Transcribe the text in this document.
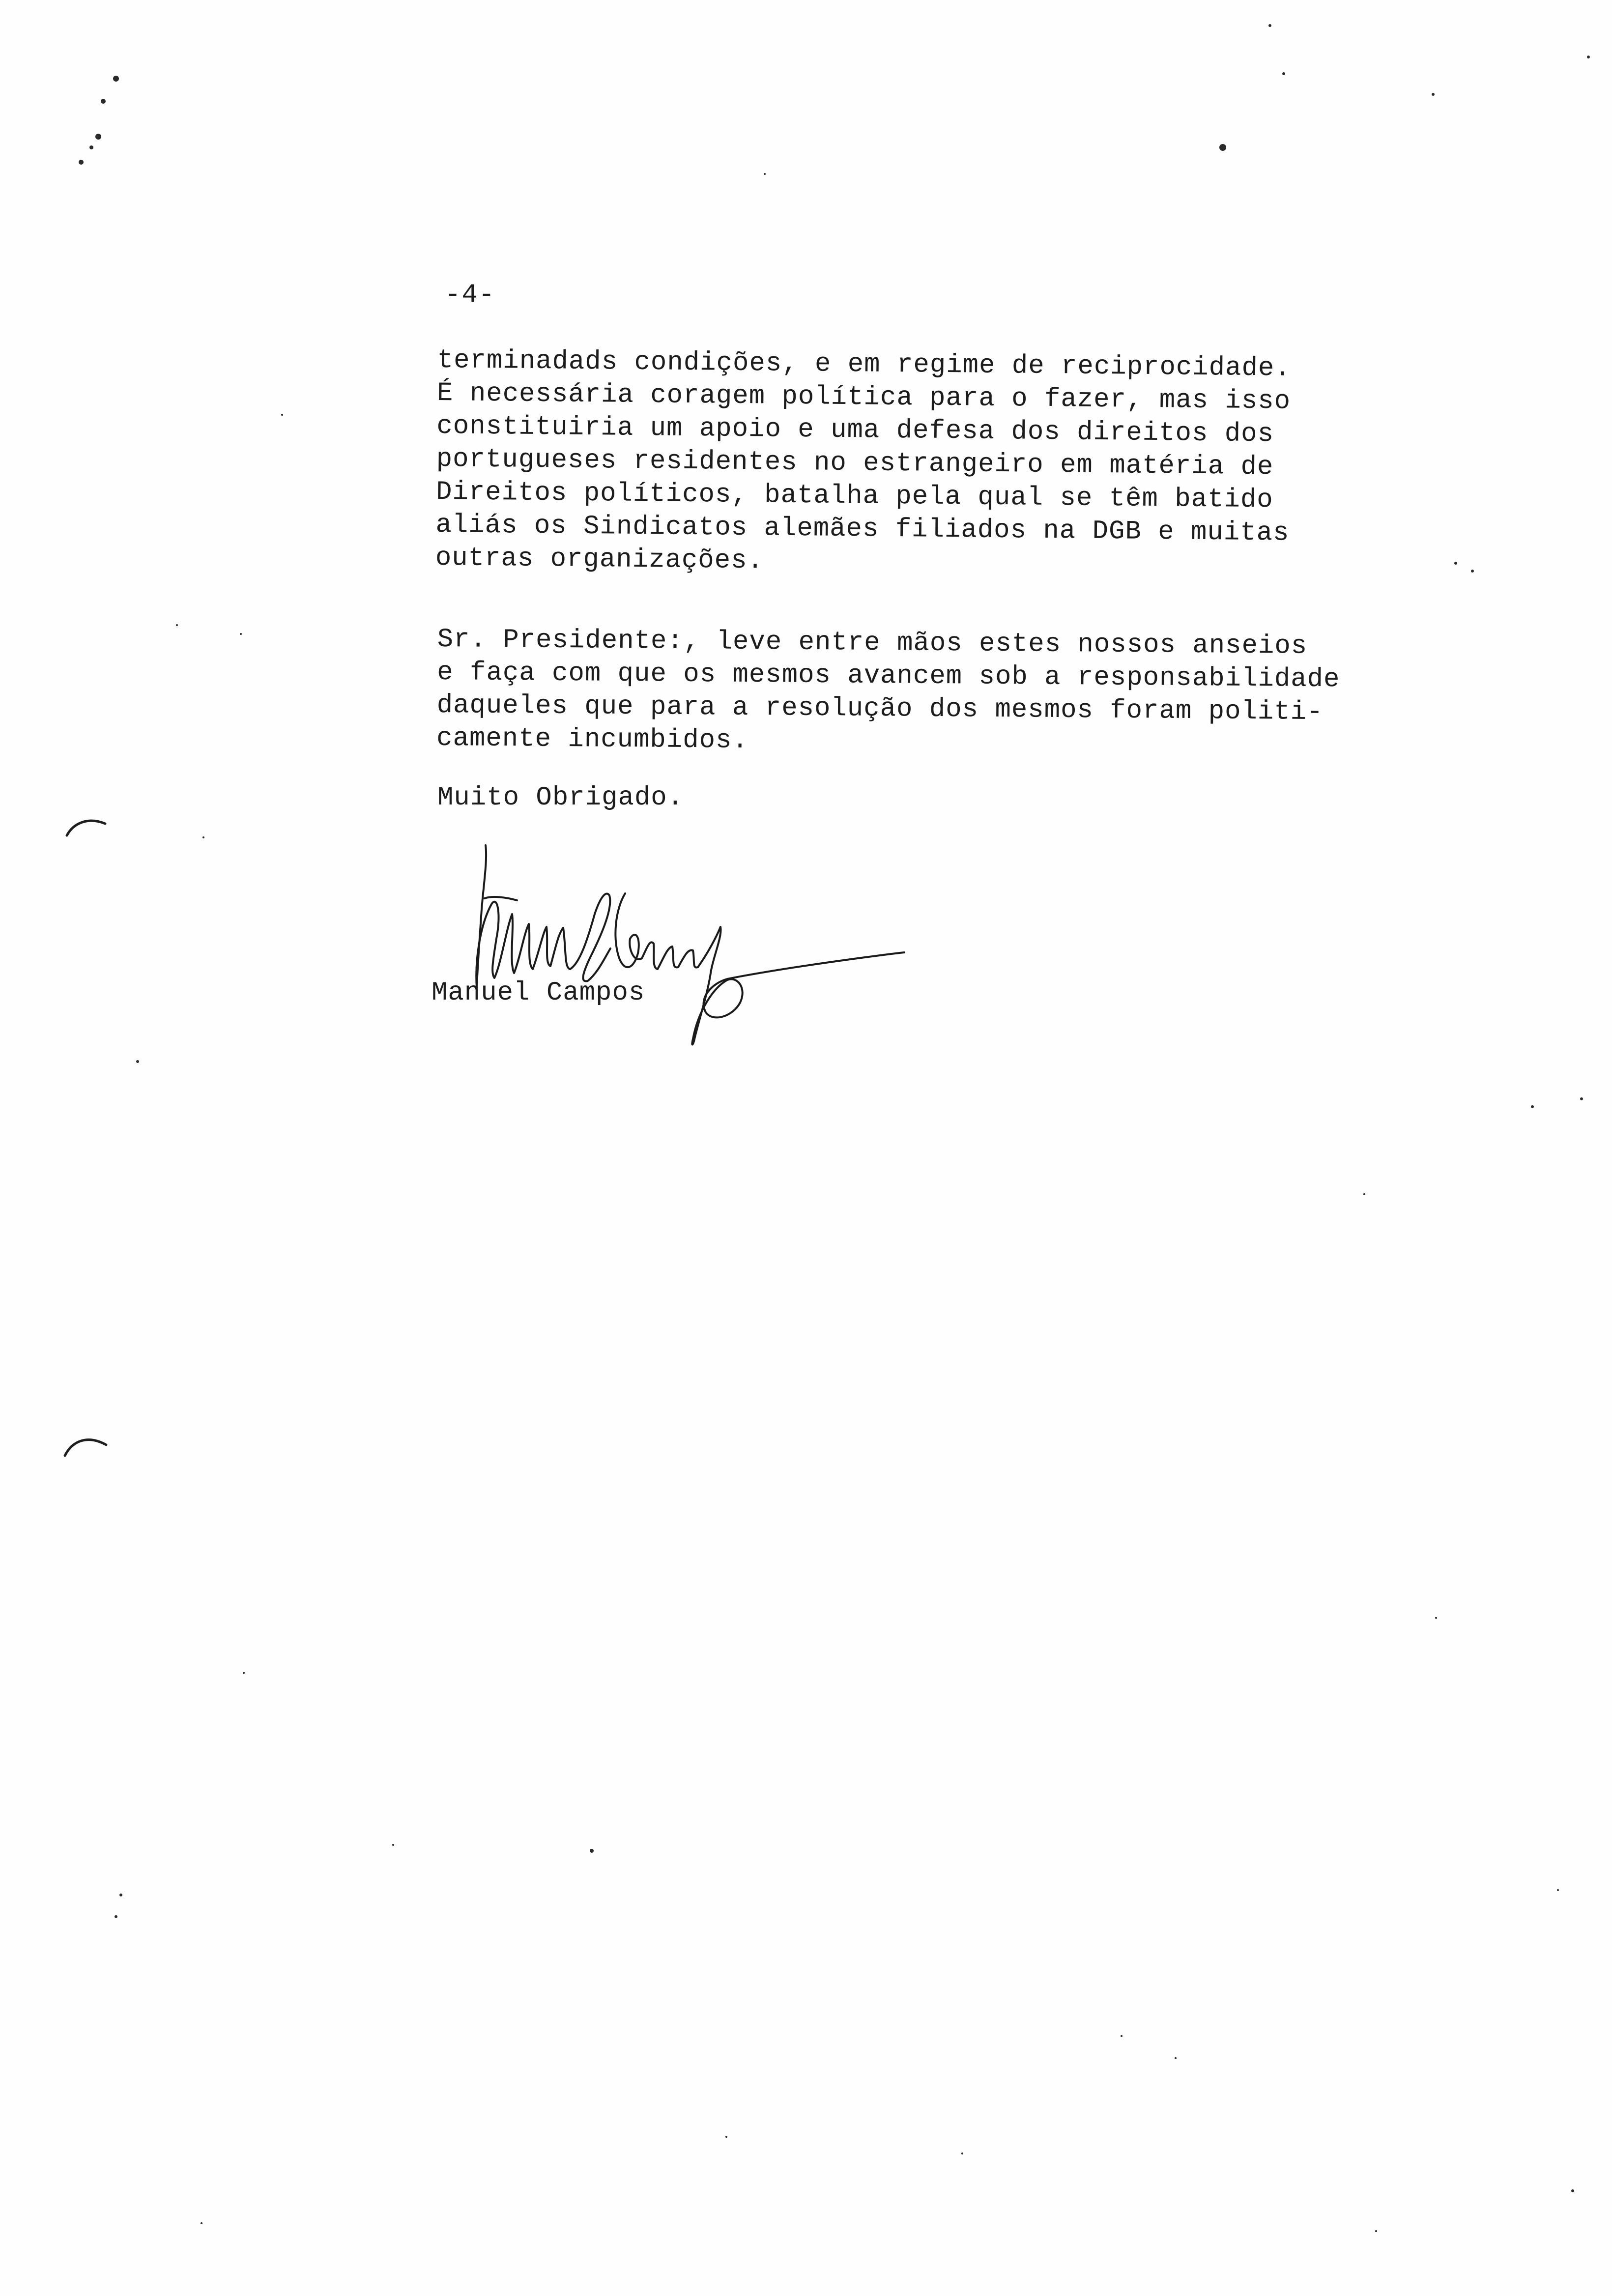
-4-
terminadads condições, e em regime de reciprocidade.
É necessária coragem política para o fazer, mas isso
constituiria um apoio e uma defesa dos direitos dos
portugueses residentes no estrangeiro em matéria de
Direitos políticos, batalha pela qual se têm batido
aliás os Sindicatos alemães filiados na DGB e muitas
outras organizações.
Sr. Presidente:, leve entre mãos estes nossos anseios
e faça com que os mesmos avancem sob a responsabilidade
daqueles que para a resolução dos mesmos foram politi-
camente incumbidos.
Muito Obrigado.
Manuel Campos
